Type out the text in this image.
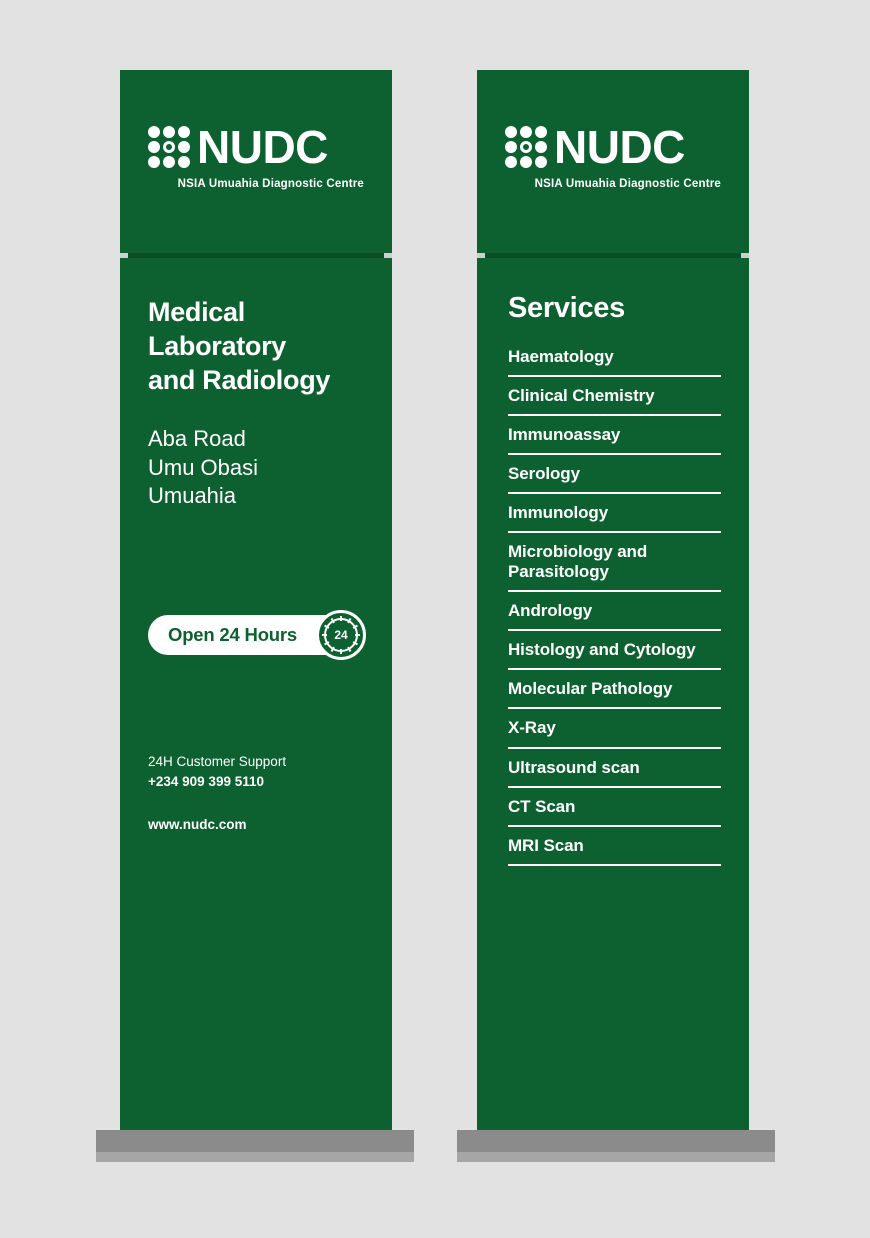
NUDC
NSIA Umuahia Diagnostic Centre
Medical
Laboratory
and Radiology
Aba Road
Umu Obasi
Umuahia
Open 24 Hours	24

24H Customer Support

+234 909 399 5110

www.nudc.com
NUDC
NSIA Umuahia Diagnostic Centre
Services
Haematology
Clinical Chemistry
Immunoassay
Serology
Immunology
Microbiology and Parasitology
Andrology
Histology and Cytology
Molecular Pathology
X-Ray
Ultrasound scan
CT Scan
MRI Scan
